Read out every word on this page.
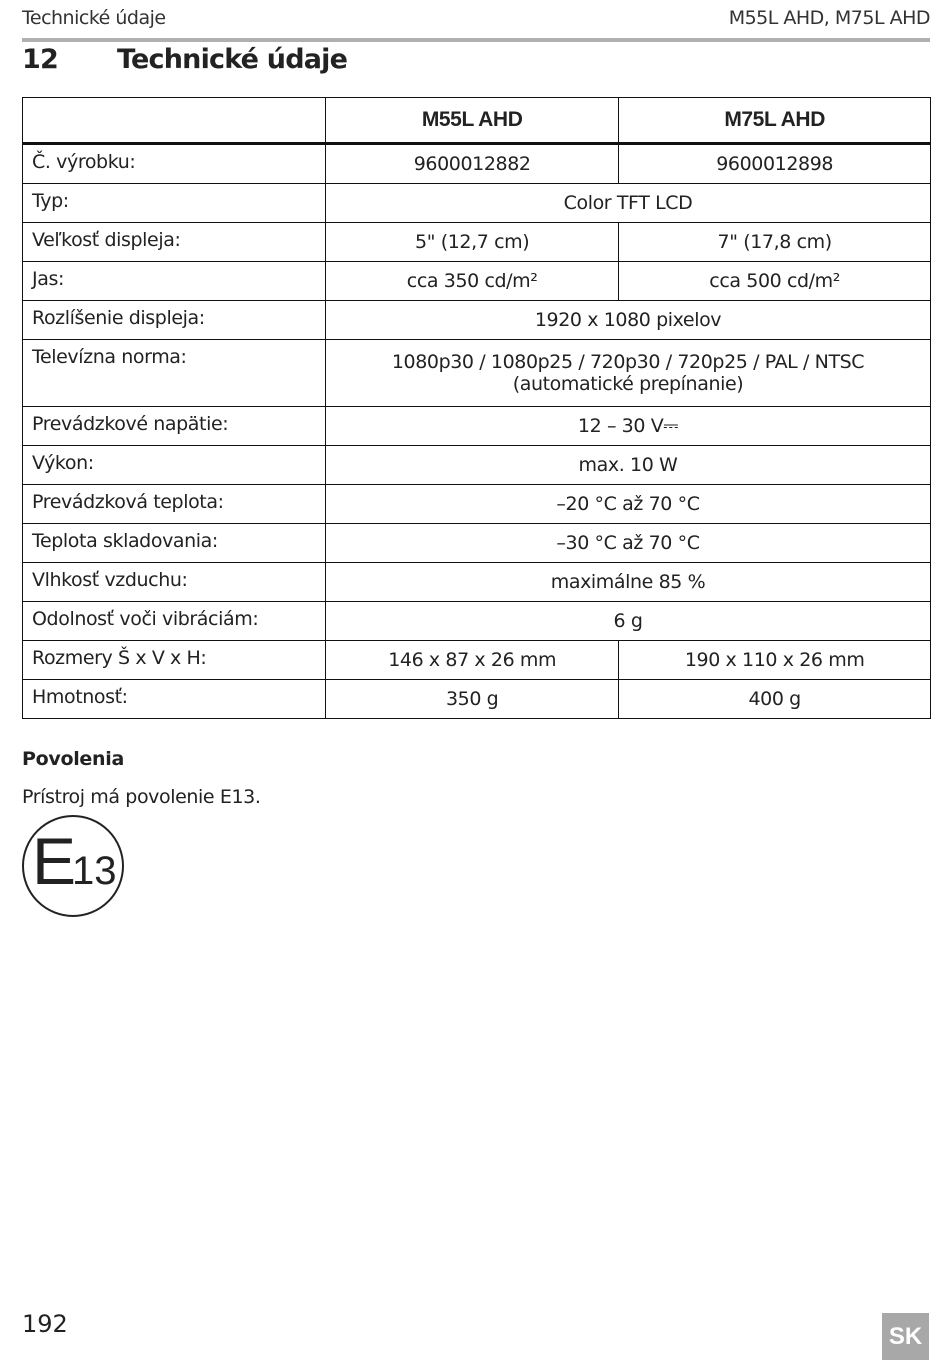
Technické údaje	M55L AHD, M75L AHD
12 Technické údaje
	M55L AHD	M75L AHD
Č. výrobku:	9600012882	9600012898
Typ:	Color TFT LCD	

Veľkosť displeja:	5" (12,7 cm)	7" (17,8 cm)
Jas:	cca 350 cd/m²	cca 500 cd/m²
Rozlíšenie displeja:	1920 x 1080 pixelov	

Televízna norma:	1080p30 / 1080p25 / 720p30 / 720p25 / PAL / NTSC
(automatické prepínanie)	

Prevádzkové napätie:	12 – 30 V⎓	

Výkon:	max. 10 W	

Prevádzková teplota:	–20 °C až 70 °C	

Teplota skladovania:	–30 °C až 70 °C	

Vlhkosť vzduchu:	maximálne 85 %	

Odolnosť voči vibráciám:	6 g	

Rozmery Š x V x H:	146 x 87 x 26 mm	190 x 110 x 26 mm
Hmotnosť:	350 g	400 g
Povolenia
Prístroj má povolenie E13.
E
13
192	SK
